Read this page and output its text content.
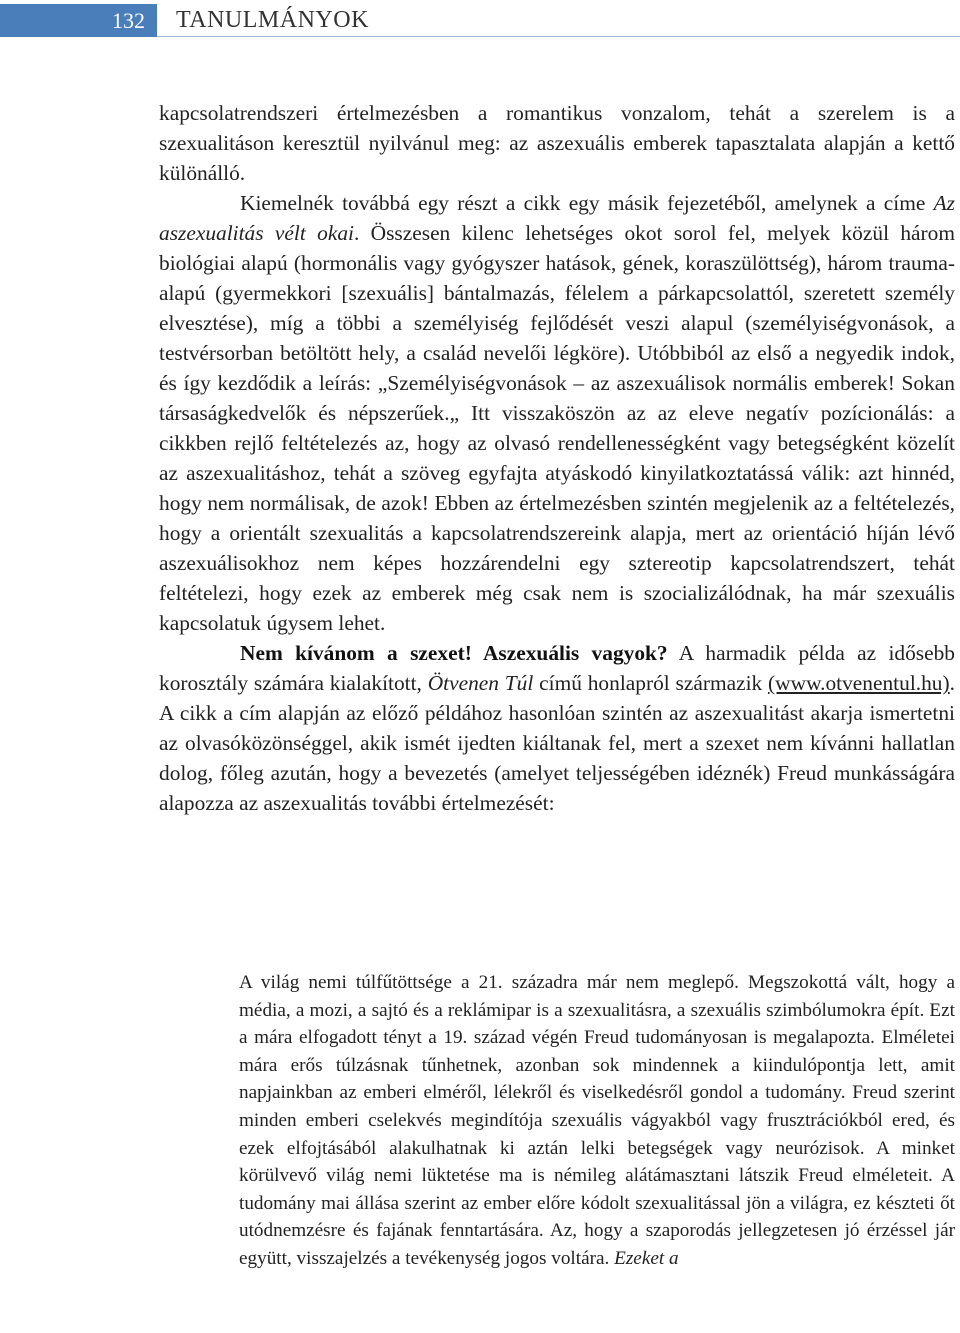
132	TANULMÁNYOK

kapcsolatrendszeri értelmezésben a romantikus vonzalom, tehát a szerelem is a szexualitáson keresztül nyilvánul meg: az aszexuális emberek tapasztalata alapján a kettő különálló.

Kiemelnék továbbá egy részt a cikk egy másik fejezetéből, amelynek a címe Az aszexualitás vélt okai. Összesen kilenc lehetséges okot sorol fel, melyek közül három biológiai alapú (hormonális vagy gyógyszer hatások, gének, koraszülöttség), három trauma-alapú (gyermekkori [szexuális] bántalmazás, félelem a párkapcsolattól, szeretett személy elvesztése), míg a többi a személyiség fejlődését veszi alapul (személyiségvonások, a testvérsorban betöltött hely, a család nevelői légköre). Utóbbiból az első a negyedik indok, és így kezdődik a leírás: „Személyiségvonások – az aszexuálisok normális emberek! Sokan társaságkedvelők és népszerűek.„ Itt visszaköszön az az eleve negatív pozícionálás: a cikkben rejlő feltételezés az, hogy az olvasó rendellenességként vagy betegségként közelít az aszexualitáshoz, tehát a szöveg egyfajta atyáskodó kinyilatkoztatássá válik: azt hinnéd, hogy nem normálisak, de azok! Ebben az értelmezésben szintén megjelenik az a feltételezés, hogy a orientált szexualitás a kapcsolatrendszereink alapja, mert az orientáció híján lévő aszexuálisokhoz nem képes hozzárendelni egy sztereotip kapcsolatrendszert, tehát feltételezi, hogy ezek az emberek még csak nem is szocializálódnak, ha már szexuális kapcsolatuk úgysem lehet.

Nem kívánom a szexet! Aszexuális vagyok? A harmadik példa az idősebb korosztály számára kialakított, Ötvenen Túl című honlapról származik (www.otvenentul.hu). A cikk a cím alapján az előző példához hasonlóan szintén az aszexualitást akarja ismertetni az olvasóközönséggel, akik ismét ijedten kiáltanak fel, mert a szexet nem kívánni hallatlan dolog, főleg azután, hogy a bevezetés (amelyet teljességében idéznék) Freud munkásságára alapozza az aszexualitás további értelmezését:

A világ nemi túlfűtöttsége a 21. századra már nem meglepő. Megszokottá vált, hogy a média, a mozi, a sajtó és a reklámipar is a szexualitásra, a szexuális szimbólumokra épít. Ezt a mára elfogadott tényt a 19. század végén Freud tudományosan is megalapozta. Elméletei mára erős túlzásnak tűnhetnek, azonban sok mindennek a kiindulópontja lett, amit napjainkban az emberi elméről, lélekről és viselkedésről gondol a tudomány. Freud szerint minden emberi cselekvés megindítója szexuális vágyakból vagy frusztrációkból ered, és ezek elfojtásából alakulhatnak ki aztán lelki betegségek vagy neurózisok. A minket körülvevő világ nemi lüktetése ma is némileg alátámasztani látszik Freud elméleteit. A tudomány mai állása szerint az ember előre kódolt szexualitással jön a világra, ez készteti őt utódnemzésre és fajának fenntartására. Az, hogy a szaporodás jellegzetesen jó érzéssel jár együtt, visszajelzés a tevékenység jogos voltára. Ezeket a
